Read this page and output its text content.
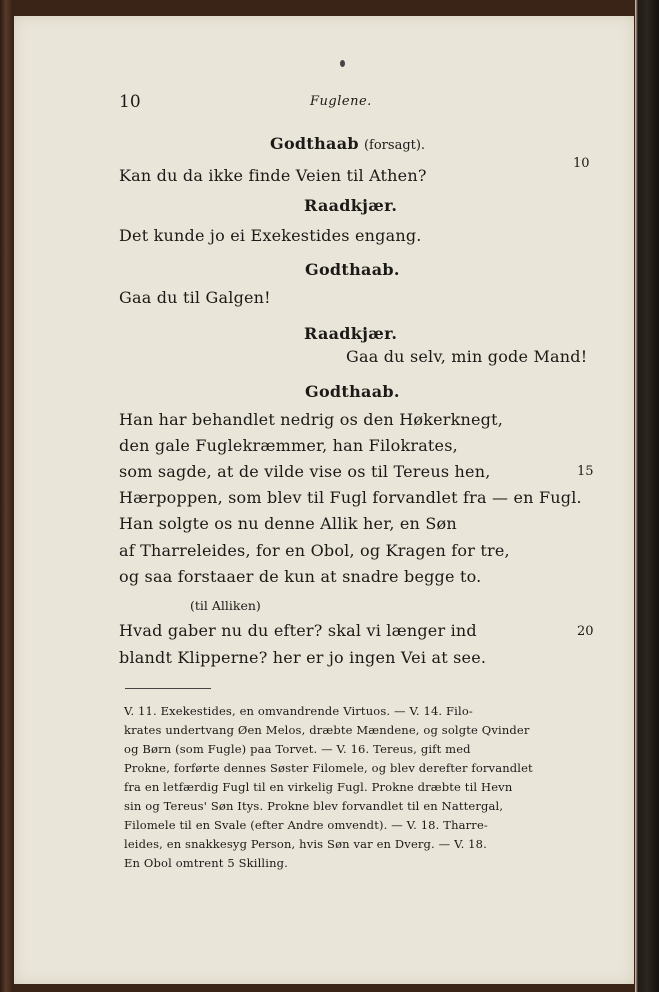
10	Fuglene.
Godthaab (forsagt).
Kan du da ikke finde Veien til Athen?
10
Raadkjær.
Det kunde jo ei Exekestides engang.
Godthaab.
Gaa du til Galgen!
Raadkjær.
Gaa du selv, min gode Mand!
Godthaab.
Han har behandlet nedrig os den Høkerknegt,
den gale Fuglekræmmer, han Filokrates,
som sagde, at de vilde vise os til Tereus hen,	15
Hærpoppen, som blev til Fugl forvandlet fra — en Fugl.
Han solgte os nu denne Allik her, en Søn
af Tharreleides, for en Obol, og Kragen for tre,
og saa forstaaer de kun at snadre begge to.
(til Alliken)
Hvad gaber nu du efter? skal vi længer ind	20
blandt Klipperne? her er jo ingen Vei at see.
V. 11. Exekestides, en omvandrende Virtuos. — V. 14. Filo-
krates undertvang Øen Melos, dræbte Mændene, og solgte Qvinder
og Børn (som Fugle) paa Torvet. — V. 16. Tereus, gift med
Prokne, forførte dennes Søster Filomele, og blev derefter forvandlet
fra en letfærdig Fugl til en virkelig Fugl. Prokne dræbte til Hevn
sin og Tereus' Søn Itys. Prokne blev forvandlet til en Nattergal,
Filomele til en Svale (efter Andre omvendt). — V. 18. Tharre-
leides, en snakkesyg Person, hvis Søn var en Dverg. — V. 18.
En Obol omtrent 5 Skilling.
